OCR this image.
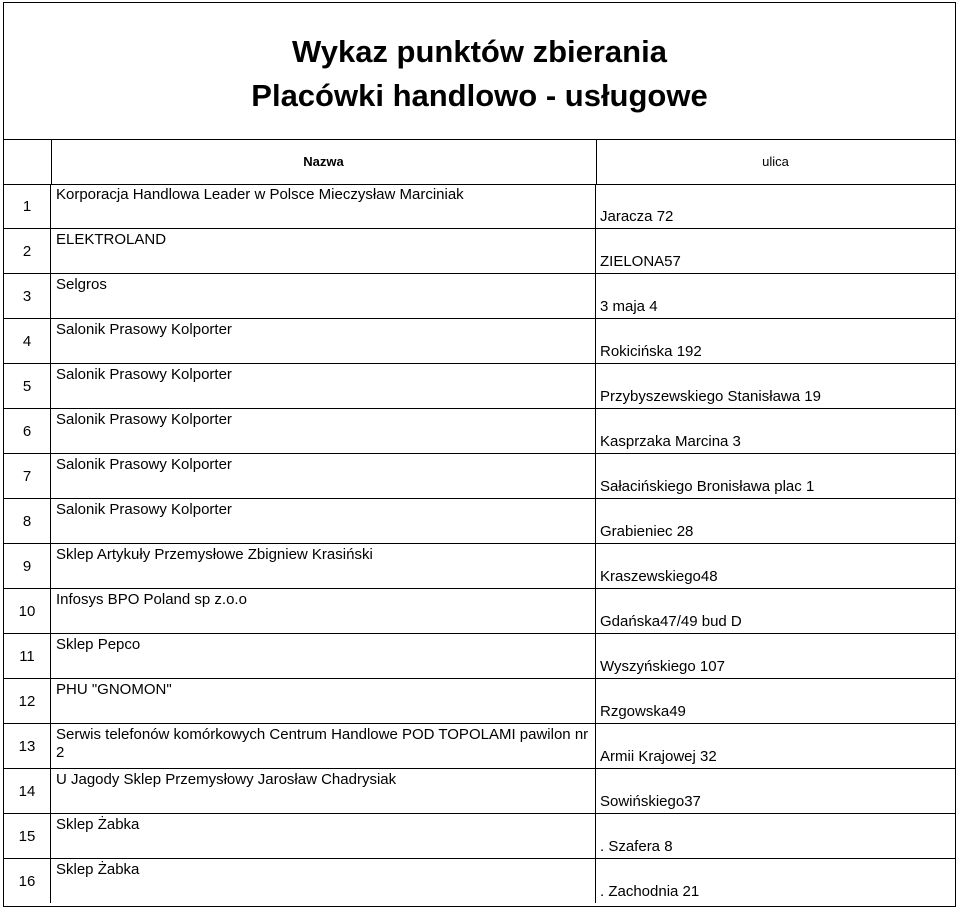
Wykaz punktów zbierania
Placówki handlowo - usługowe
Nazwa	ulica
1
Korporacja Handlowa Leader w Polsce Mieczysław Marciniak
Jaracza 72
2
ELEKTROLAND
ZIELONA57
3
Selgros
3 maja 4
4
Salonik Prasowy Kolporter
Rokicińska 192
5
Salonik Prasowy Kolporter
Przybyszewskiego Stanisława 19
6
Salonik Prasowy Kolporter
Kasprzaka Marcina 3
7
Salonik Prasowy Kolporter
Sałacińskiego Bronisława plac 1
8
Salonik Prasowy Kolporter
Grabieniec 28
9
Sklep Artykuły Przemysłowe Zbigniew Krasiński
Kraszewskiego48
10
Infosys BPO Poland sp z.o.o
Gdańska47/49 bud D
11
Sklep Pepco
Wyszyńskiego 107
12
PHU "GNOMON"
Rzgowska49
13
Serwis telefonów komórkowych Centrum Handlowe POD TOPOLAMI pawilon nr 2	Armii Krajowej 32
14
U Jagody Sklep Przemysłowy Jarosław Chadrysiak
Sowińskiego37
15
Sklep Żabka
. Szafera 8
16
Sklep Żabka
. Zachodnia 21
